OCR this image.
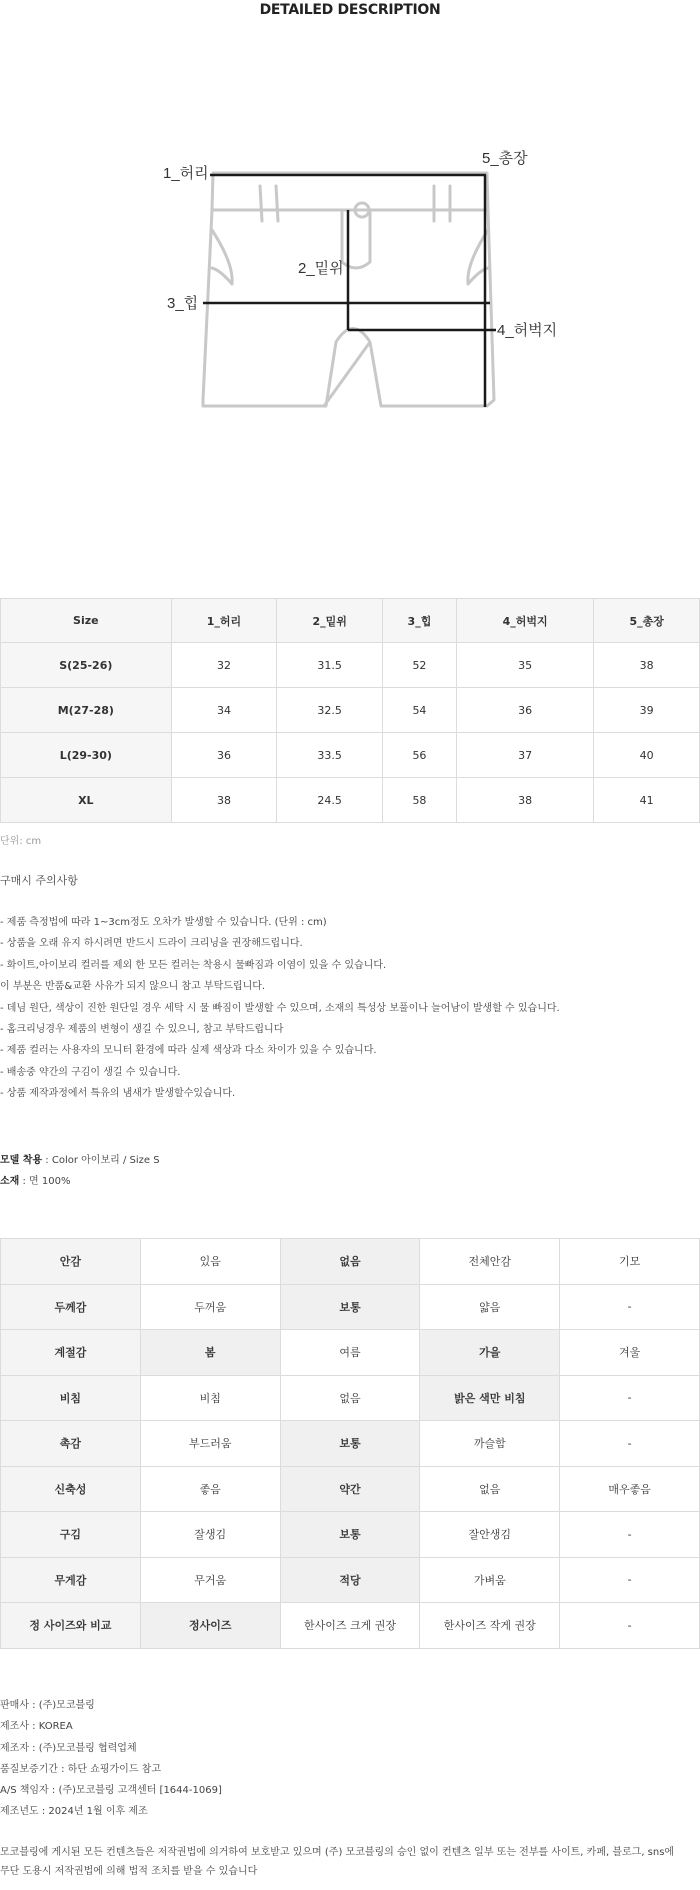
DETAILED DESCRIPTION
1_허리
2_밑위
3_힙
4_허벅지
5_총장
Size	1_허리	2_밑위	3_힙	4_허벅지	5_총장
S(25-26)	32	31.5	52	35	38
M(27-28)	34	32.5	54	36	39
L(29-30)	36	33.5	56	37	40
XL	38	24.5	58	38	41
단위: cm
구매시 주의사항
- 제품 측정법에 따라 1~3cm정도 오차가 발생할 수 있습니다. (단위 : cm)
- 상품을 오래 유지 하시려면 반드시 드라이 크리닝을 권장해드립니다.
- 화이트,아이보리 컬러를 제외 한 모든 컬러는 착용시 물빠짐과 이염이 있을 수 있습니다.
이 부분은 반품&교환 사유가 되지 않으니 참고 부탁드립니다.
- 데님 원단, 색상이 진한 원단일 경우 세탁 시 물 빠짐이 발생할 수 있으며, 소재의 특성상 보풀이나 늘어남이 발생할 수 있습니다.
- 홈크리닝경우 제품의 변형이 생길 수 있으니, 참고 부탁드립니다
- 제품 컬러는 사용자의 모니터 환경에 따라 실제 색상과 다소 차이가 있을 수 있습니다.
- 배송중 약간의 구김이 생길 수 있습니다.
- 상품 제작과정에서 특유의 냄새가 발생할수있습니다.
모델 착용 : Color 아이보리 / Size S
소재 : 면 100%
안감	있음	없음	전체안감	기모
두께감	두꺼움	보통	얇음	-
계절감	봄	여름	가을	겨울
비침	비침	없음	밝은 색만 비침	-
촉감	부드러움	보통	까슬함	-
신축성	좋음	약간	없음	매우좋음
구김	잘생김	보통	잘안생김	-
무게감	무거움	적당	가벼움	-
정 사이즈와 비교	정사이즈	한사이즈 크게 권장	한사이즈 작게 권장	-
판매사 : (주)모코블링
제조사 : KOREA
제조자 : (주)모코블링 협력업체
품질보증기간 : 하단 쇼핑가이드 참고
A/S 책임자 : (주)모코블링 고객센터 [1644-1069]
제조년도 : 2024년 1월 이후 제조
모코블링에 게시된 모든 컨텐츠들은 저작권법에 의거하여 보호받고 있으며 (주) 모코블링의 승인 없이 컨텐츠 일부 또는 전부를 사이트, 카페, 블로그, sns에
무단 도용시 저작권법에 의해 법적 조치를 받을 수 있습니다
